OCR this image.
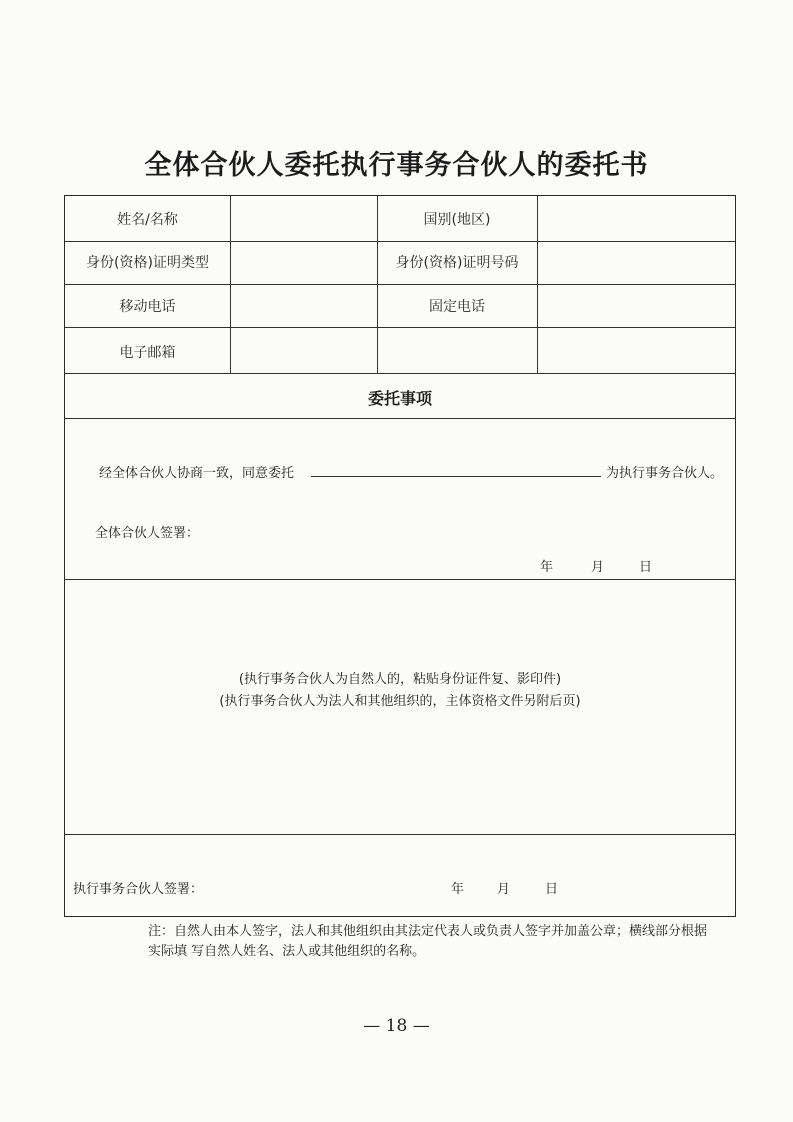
全体合伙人委托执行事务合伙人的委托书
姓名/名称	国别(地区)
身份(资格)证明类型	身份(资格)证明号码
移动电话	固定电话
电子邮箱
委托事项
经全体合伙人协商一致，同意委托	为执行事务合伙人。
全体合伙人签署：
年	月	日
(执行事务合伙人为自然人的，粘贴身份证件复、影印件)
(执行事务合伙人为法人和其他组织的，主体资格文件另附后页)
执行事务合伙人签署：	年	月	日
注：自然人由本人签字，法人和其他组织由其法定代表人或负责人签字并加盖公章；横线部分根据实际填 写自然人姓名、法人或其他组织的名称。
— 18 —
